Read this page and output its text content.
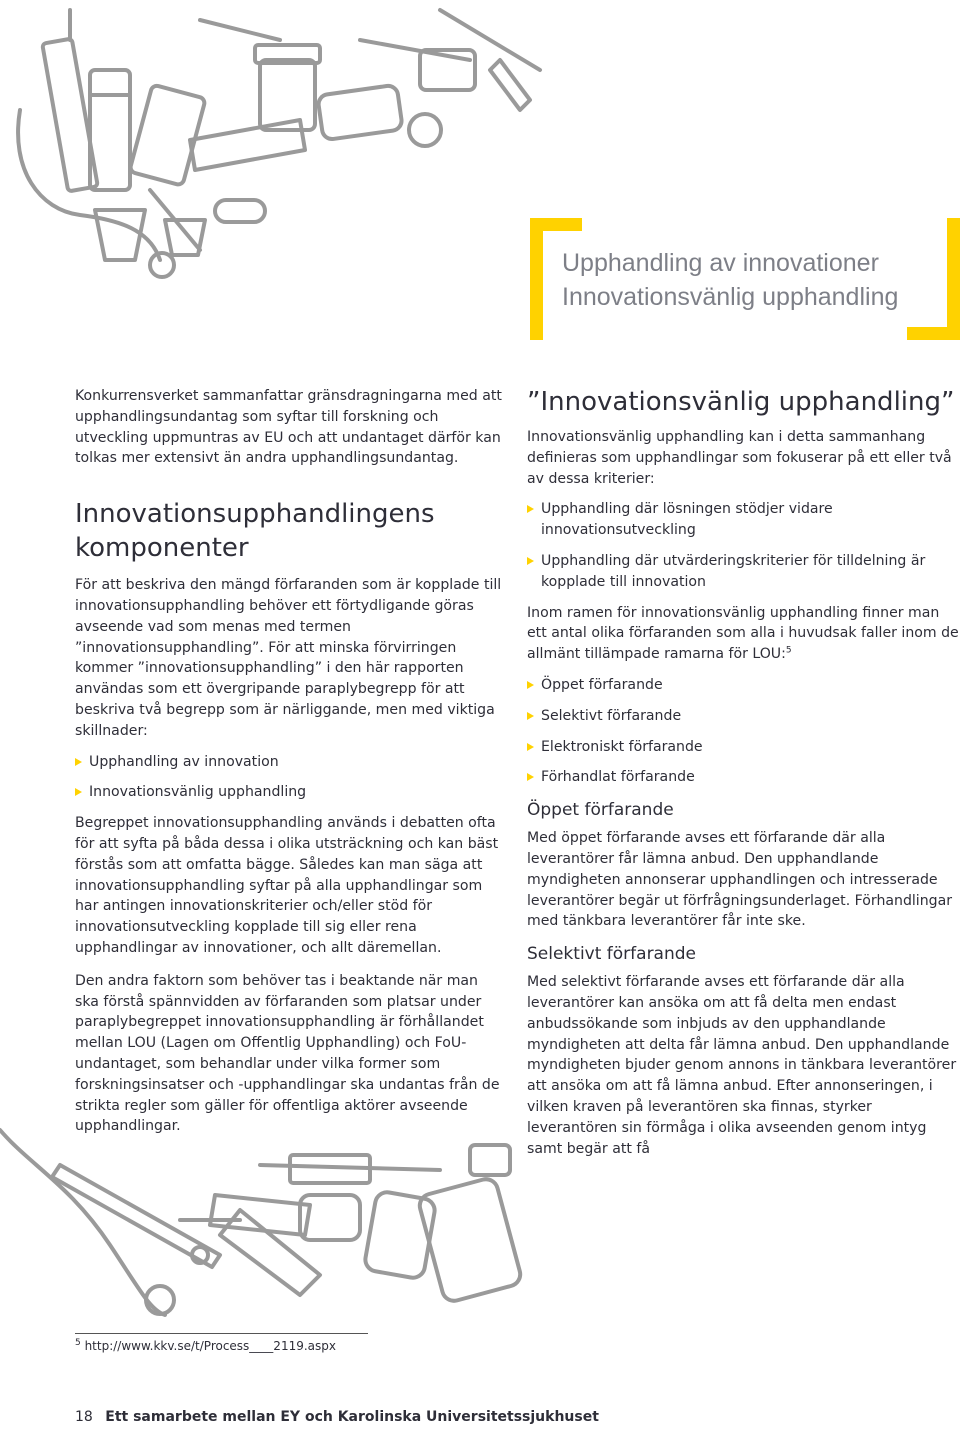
Upphandling av innovationer
Innovationsvänlig upphandling

Konkurrensverket sammanfattar gränsdragningarna med att upphandlingsundantag som syftar till forskning och utveckling uppmuntras av EU och att undantaget därför kan tolkas mer extensivt än andra upphandlingsundantag.

Innovationsupphandlingens komponenter

För att beskriva den mängd förfaranden som är kopplade till innovationsupphandling behöver ett förtydligande göras avseende vad som menas med termen ”innovationsupphandling”. För att minska förvirringen kommer ”innovationsupphandling” i den här rapporten användas som ett övergripande paraplybegrepp för att beskriva två begrepp som är närliggande, men med viktiga skillnader:

Upphandling av innovation
Innovationsvänlig upphandling

Begreppet innovationsupphandling används i debatten ofta för att syfta på båda dessa i olika utsträckning och kan bäst förstås som att omfatta bägge. Således kan man säga att innovationsupphandling syftar på alla upphandlingar som har antingen innovationskriterier och/eller stöd för innovationsutveckling kopplade till sig eller rena upphandlingar av innovationer, och allt däremellan.

Den andra faktorn som behöver tas i beaktande när man ska förstå spännvidden av förfaranden som platsar under paraplybegreppet innovationsupphandling är förhållandet mellan LOU (Lagen om Offentlig Upphandling) och FoU-undantaget, som behandlar under vilka former som forskningsinsatser och -upphandlingar ska undantas från de strikta regler som gäller för offentliga aktörer avseende upphandlingar.

”Innovationsvänlig upphandling”

Innovationsvänlig upphandling kan i detta sammanhang definieras som upphandlingar som fokuserar på ett eller två av dessa kriterier:

Upphandling där lösningen stödjer vidare innovationsutveckling
Upphandling där utvärderingskriterier för tilldelning är kopplade till innovation

Inom ramen för innovationsvänlig upphandling finner man ett antal olika förfaranden som alla i huvudsak faller inom de allmänt tillämpade ramarna för LOU:$^5$

Öppet förfarande
Selektivt förfarande
Elektroniskt förfarande
Förhandlat förfarande
Öppet förfarande

Med öppet förfarande avses ett förfarande där alla leverantörer får lämna anbud. Den upphandlande myndigheten annonserar upphandlingen och intresserade leverantörer begär ut förfrågningsunderlaget. Förhandlingar med tänkbara leverantörer får inte ske.

Selektivt förfarande

Med selektivt förfarande avses ett förfarande där alla leverantörer kan ansöka om att få delta men endast anbudssökande som inbjuds av den upphandlande myndigheten att delta får lämna anbud. Den upphandlande myndigheten bjuder genom annons in tänkbara leverantörer att ansöka om att få lämna anbud. Efter annonseringen, i vilken kraven på leverantören ska finnas, styrker leverantören sin förmåga i olika avseenden genom intyg samt begär att få

$^5$ http://www.kkv.se/t/Process____2119.aspx
18 Ett samarbete mellan EY och Karolinska Universitetssjukhuset
